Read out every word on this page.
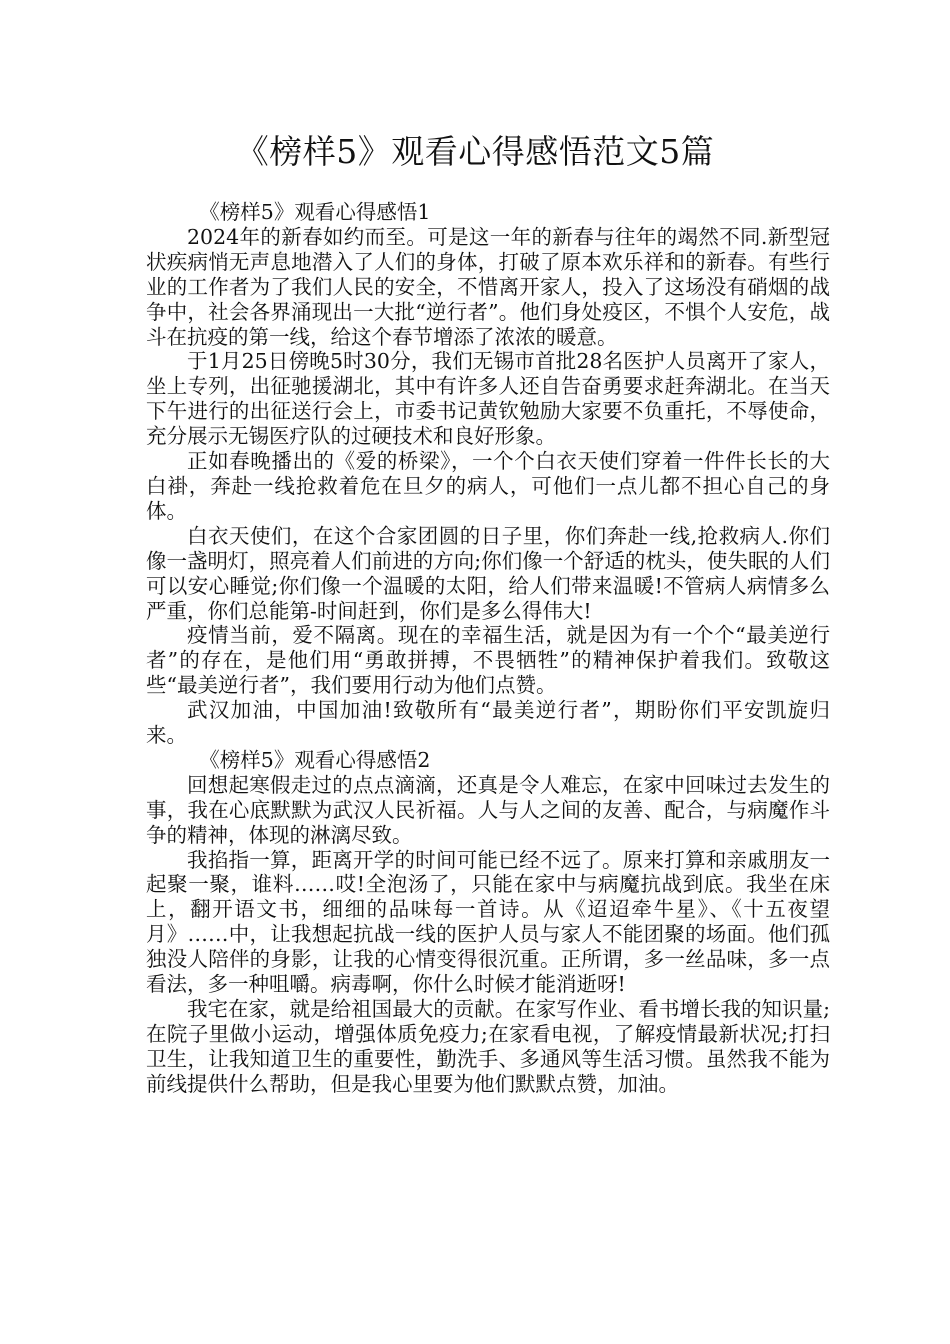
《榜样5》观看心得感悟范文5篇

《榜样5》观看心得感悟1

2024年的新春如约而至。可是这一年的新春与往年的竭然不同.新型冠状疾病悄无声息地潜入了人们的身体，打破了原本欢乐祥和的新春。有些行业的工作者为了我们人民的安全，不惜离开家人，投入了这场没有硝烟的战争中，社会各界涌现出一大批“逆行者”。他们身处疫区，不惧个人安危，战斗在抗疫的第一线，给这个春节增添了浓浓的暖意。

于1月25日傍晚5时30分，我们无锡市首批28名医护人员离开了家人，坐上专列，出征驰援湖北，其中有许多人还自告奋勇要求赶奔湖北。在当天下午进行的出征送行会上，市委书记黄钦勉励大家要不负重托，不辱使命，充分展示无锡医疗队的过硬技术和良好形象。

正如春晚播出的《爱的桥梁》，一个个白衣天使们穿着一件件长长的大白褂，奔赴一线抢救着危在旦夕的病人，可他们一点儿都不担心自己的身体。

白衣天使们，在这个合家团圆的日子里，你们奔赴一线,抢救病人.你们像一盏明灯，照亮着人们前进的方向;你们像一个舒适的枕头，使失眠的人们可以安心睡觉;你们像一个温暖的太阳，给人们带来温暖!不管病人病情多么严重，你们总能第-时间赶到，你们是多么得伟大!

疫情当前，爱不隔离。现在的幸福生活，就是因为有一个个“最美逆行者”的存在，是他们用“勇敢拼搏，不畏牺牲”的精神保护着我们。致敬这些“最美逆行者”，我们要用行动为他们点赞。

武汉加油，中国加油!致敬所有“最美逆行者”，期盼你们平安凯旋归来。

《榜样5》观看心得感悟2

回想起寒假走过的点点滴滴，还真是令人难忘，在家中回味过去发生的事，我在心底默默为武汉人民祈福。人与人之间的友善、配合，与病魔作斗争的精神，体现的淋漓尽致。

我掐指一算，距离开学的时间可能已经不远了。原来打算和亲戚朋友一起聚一聚，谁料……哎!全泡汤了，只能在家中与病魔抗战到底。我坐在床上，翻开语文书，细细的品味每一首诗。从《迢迢牵牛星》、《十五夜望月》……中，让我想起抗战一线的医护人员与家人不能团聚的场面。他们孤独没人陪伴的身影，让我的心情变得很沉重。正所谓，多一丝品味，多一点看法，多一种咀嚼。病毒啊，你什么时候才能消逝呀!

我宅在家，就是给祖国最大的贡献。在家写作业、看书增长我的知识量;在院子里做小运动，增强体质免疫力;在家看电视，了解疫情最新状况;打扫卫生，让我知道卫生的重要性，勤洗手、多通风等生活习惯。虽然我不能为前线提供什么帮助，但是我心里要为他们默默点赞，加油。
